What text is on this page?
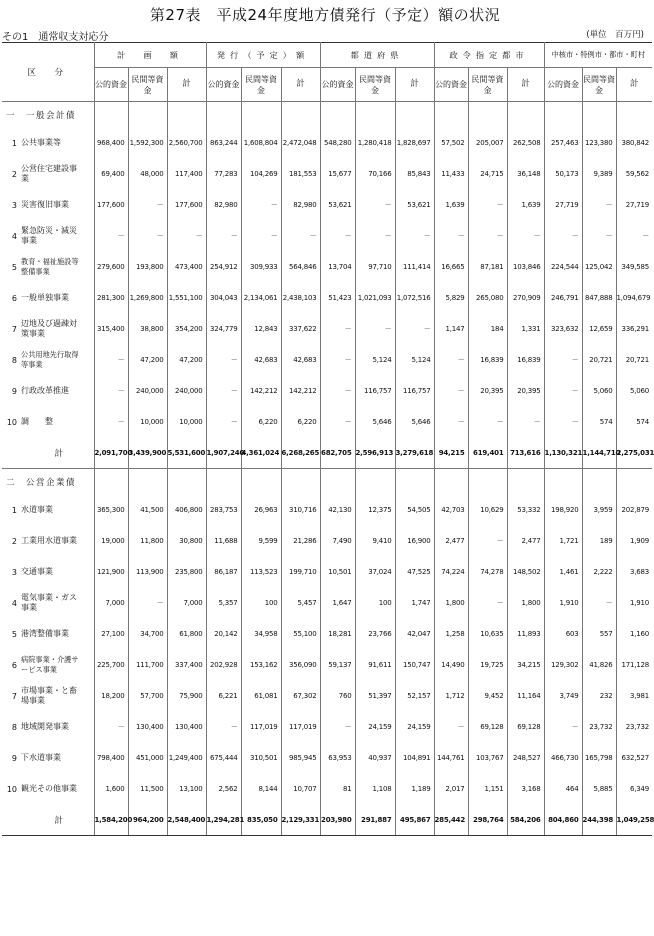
第27表　平成24年度地方債発行（予定）額の状況
その1　通常収支対応分	(単位　百万円)
区　分	計　画　額			発行（予定）額			都道府県			政令指定都市			中核市・特例市・都市・町村		
	公的資金	民間等資金	計	公的資金	民間等資金	計	公的資金	民間等資金	計	公的資金	民間等資金	計	公的資金	民間等資金	計
一　一般会計債															
1 公共事業等	968,400	1,592,300	2,560,700	863,244	1,608,804	2,472,048	548,280	1,280,418	1,828,697	57,502	205,007	262,508	257,463	123,380	380,842
2公営住宅建設事業	69,400	48,000	117,400	77,283	104,269	181,553	15,677	70,166	85,843	11,433	24,715	36,148	50,173	9,389	59,562
3 災害復旧事業	177,600	－	177,600	82,980	－	82,980	53,621	－	53,621	1,639	－	1,639	27,719	－	27,719
4緊急防災・減災事業	－	－	－	－	－	－	－	－	－	－	－	－	－	－	－
5教育・福祉施設等整備事業	279,600	193,800	473,400	254,912	309,933	564,846	13,704	97,710	111,414	16,665	87,181	103,846	224,544	125,042	349,585
6 一般単独事業	281,300	1,269,800	1,551,100	304,043	2,134,061	2,438,103	51,423	1,021,093	1,072,516	5,829	265,080	270,909	246,791	847,888	1,094,679
7辺地及び過疎対策事業	315,400	38,800	354,200	324,779	12,843	337,622	－	－	－	1,147	184	1,331	323,632	12,659	336,291
8公共用地先行取得等事業	－	47,200	47,200	－	42,683	42,683	－	5,124	5,124	－	16,839	16,839	－	20,721	20,721
9 行政改革推進	－	240,000	240,000	－	142,212	142,212	－	116,757	116,757	－	20,395	20,395	－	5,060	5,060
10 調　　整	－	10,000	10,000	－	6,220	6,220	－	5,646	5,646	－	－	－	－	574	574
計	2,091,700	3,439,900	5,531,600	1,907,240	4,361,024	6,268,265	682,705	2,596,913	3,279,618	94,215	619,401	713,616	1,130,321	1,144,710	2,275,031
二　公営企業債															
1 水道事業	365,300	41,500	406,800	283,753	26,963	310,716	42,130	12,375	54,505	42,703	10,629	53,332	198,920	3,959	202,879
2 工業用水道事業	19,000	11,800	30,800	11,688	9,599	21,286	7,490	9,410	16,900	2,477	－	2,477	1,721	189	1,909
3 交通事業	121,900	113,900	235,800	86,187	113,523	199,710	10,501	37,024	47,525	74,224	74,278	148,502	1,461	2,222	3,683
4電気事業・ガス事業	7,000	－	7,000	5,357	100	5,457	1,647	100	1,747	1,800	－	1,800	1,910	－	1,910
5 港湾整備事業	27,100	34,700	61,800	20,142	34,958	55,100	18,281	23,766	42,047	1,258	10,635	11,893	603	557	1,160
6病院事業・介護サービス事業	225,700	111,700	337,400	202,928	153,162	356,090	59,137	91,611	150,747	14,490	19,725	34,215	129,302	41,826	171,128
7市場事業・と畜場事業	18,200	57,700	75,900	6,221	61,081	67,302	760	51,397	52,157	1,712	9,452	11,164	3,749	232	3,981
8 地域開発事業	－	130,400	130,400	－	117,019	117,019	－	24,159	24,159	－	69,128	69,128	－	23,732	23,732
9 下水道事業	798,400	451,000	1,249,400	675,444	310,501	985,945	63,953	40,937	104,891	144,761	103,767	248,527	466,730	165,798	632,527
10 観光その他事業	1,600	11,500	13,100	2,562	8,144	10,707	81	1,108	1,189	2,017	1,151	3,168	464	5,885	6,349
計	1,584,200	964,200	2,548,400	1,294,281	835,050	2,129,331	203,980	291,887	495,867	285,442	298,764	584,206	804,860	244,398	1,049,258
